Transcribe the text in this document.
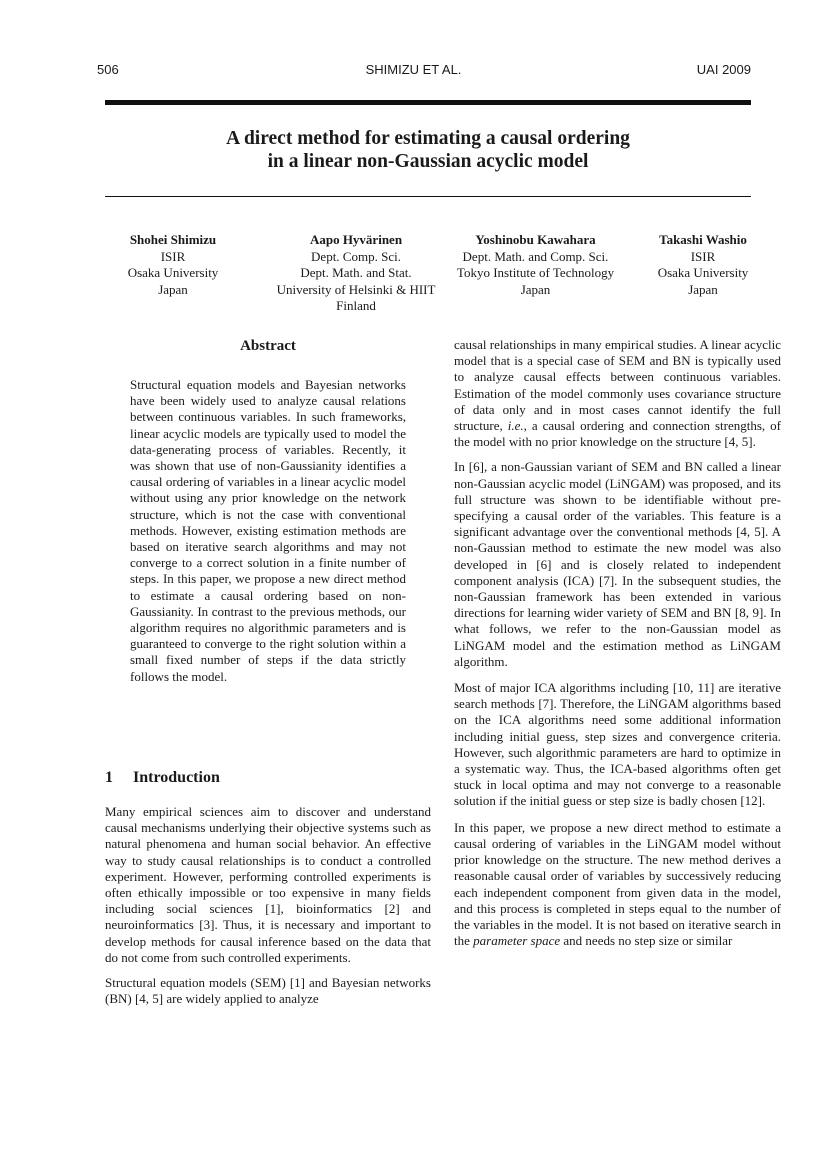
SHIMIZU ET AL.
506	UAI 2009
A direct method for estimating a causal ordering
in a linear non-Gaussian acyclic model
Shohei Shimizu
ISIR
Osaka University
Japan
Aapo Hyvärinen
Dept. Comp. Sci.
Dept. Math. and Stat.
University of Helsinki & HIIT
Finland
Yoshinobu Kawahara
Dept. Math. and Comp. Sci.
Tokyo Institute of Technology
Japan
Takashi Washio
ISIR
Osaka University
Japan
Abstract
Structural equation models and Bayesian networks have been widely used to analyze causal relations between continuous variables. In such frameworks, linear acyclic models are typically used to model the data-generating process of variables. Recently, it was shown that use of non-Gaussianity identifies a causal ordering of variables in a linear acyclic model without using any prior knowledge on the network structure, which is not the case with conventional methods. However, existing estimation methods are based on iterative search algorithms and may not converge to a correct solution in a finite number of steps. In this paper, we propose a new direct method to estimate a causal ordering based on non-Gaussianity. In contrast to the previous methods, our algorithm requires no algorithmic parameters and is guaranteed to converge to the right solution within a small fixed number of steps if the data strictly follows the model.
1 Introduction

Many empirical sciences aim to discover and understand causal mechanisms underlying their objective systems such as natural phenomena and human social behavior. An effective way to study causal relationships is to conduct a controlled experiment. However, performing controlled experiments is often ethically impossible or too expensive in many fields including social sciences [1], bioinformatics [2] and neuroinformatics [3]. Thus, it is necessary and important to develop methods for causal inference based on the data that do not come from such controlled experiments.

Structural equation models (SEM) [1] and Bayesian networks (BN) [4, 5] are widely applied to analyze

causal relationships in many empirical studies. A linear acyclic model that is a special case of SEM and BN is typically used to analyze causal effects between continuous variables. Estimation of the model commonly uses covariance structure of data only and in most cases cannot identify the full structure, i.e., a causal ordering and connection strengths, of the model with no prior knowledge on the structure [4, 5].

In [6], a non-Gaussian variant of SEM and BN called a linear non-Gaussian acyclic model (LiNGAM) was proposed, and its full structure was shown to be identifiable without pre-specifying a causal order of the variables. This feature is a significant advantage over the conventional methods [4, 5]. A non-Gaussian method to estimate the new model was also developed in [6] and is closely related to independent component analysis (ICA) [7]. In the subsequent studies, the non-Gaussian framework has been extended in various directions for learning wider variety of SEM and BN [8, 9]. In what follows, we refer to the non-Gaussian model as LiNGAM model and the estimation method as LiNGAM algorithm.

Most of major ICA algorithms including [10, 11] are iterative search methods [7]. Therefore, the LiNGAM algorithms based on the ICA algorithms need some additional information including initial guess, step sizes and convergence criteria. However, such algorithmic parameters are hard to optimize in a systematic way. Thus, the ICA-based algorithms often get stuck in local optima and may not converge to a reasonable solution if the initial guess or step size is badly chosen [12].

In this paper, we propose a new direct method to estimate a causal ordering of variables in the LiNGAM model without prior knowledge on the structure. The new method derives a reasonable causal order of variables by successively reducing each independent component from given data in the model, and this process is completed in steps equal to the number of the variables in the model. It is not based on iterative search in the parameter space and needs no step size or similar
